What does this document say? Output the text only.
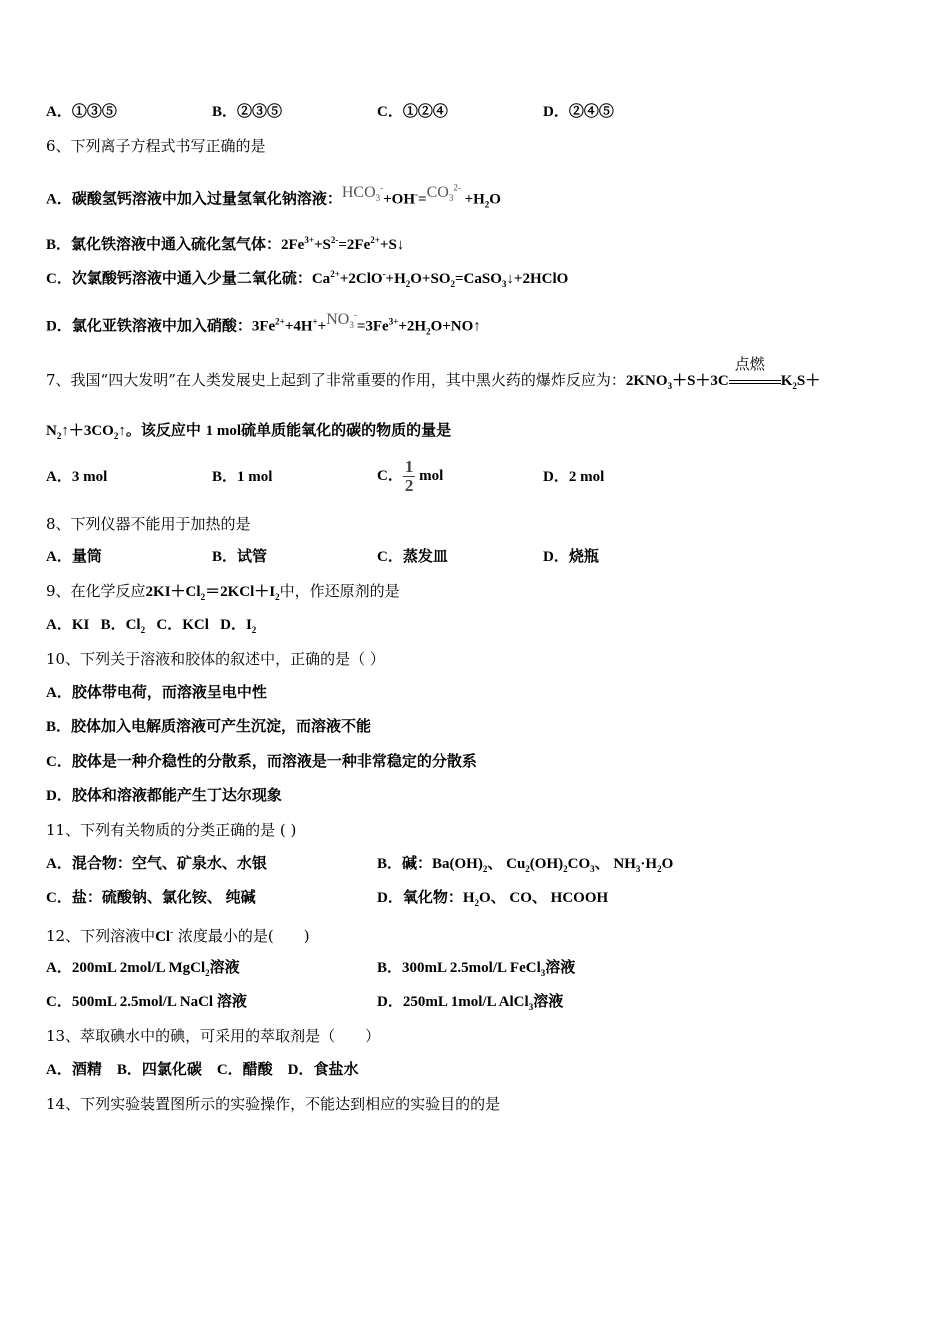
A．①③⑤	B．②③⑤	C．①②④	D．②④⑤
6、下列离子方程式书写正确的是
A．碳酸氢钙溶液中加入过量氢氧化钠溶液：$HCO_3^-+OH^-=CO_3^{2-} +H_2O$
B．氯化铁溶液中通入硫化氢气体：$2Fe^{3+}+S^{2-}=2Fe^{2+}+S↓$
C．次氯酸钙溶液中通入少量二氧化硫：$Ca^{2+}+2ClO^-+H_2O+SO_2=CaSO_3↓+2HClO$
D．氯化亚铁溶液中加入硝酸：$3Fe^{2+}+4H^++NO_3^-=3Fe^{3+}+2H_2O+NO↑$
7、我国“四大发明”在人类发展史上起到了非常重要的作用，其中黑火药的爆炸反应为：$2KNO_3+S+3C$
点燃
$K_2S+$
$N_2↑+3CO_2↑$。该反应中 1 mol硫单质能氧化的碳的物质的量是
A．3 mol	B．1 mol	C． $\frac{1}{2}$ mol	D．2 mol
8、下列仪器不能用于加热的是
A．量筒	B．试管	C．蒸发皿	D．烧瓶
9、在化学反应$2KI+Cl_2=2KCl+I_2$中，作还原剂的是
A．KI B．$Cl_2$ C．KCl D．$I_2$
10、下列关于溶液和胶体的叙述中，正确的是（ ）
A．胶体带电荷，而溶液呈电中性
B．胶体加入电解质溶液可产生沉淀，而溶液不能
C．胶体是一种介稳性的分散系，而溶液是一种非常稳定的分散系
D．胶体和溶液都能产生丁达尔现象
11、下列有关物质的分类正确的是 ( )
A．混合物：空气、矿泉水、水银	B．碱：$Ba(OH)_2$、 $Cu_2(OH)_2CO_3$、 $NH_3\cdot H_2O$
C．盐：硫酸钠、氯化铵、 纯碱	D．氧化物：$H_2O$、 CO、 HCOOH
12、下列溶液中Cl- 浓度最小的是(　　)
A．200mL 2mol/L MgCl$_2$溶液	B．300mL 2.5mol/L FeCl$_3$溶液
C．500mL 2.5mol/L NaCl 溶液	D．250mL 1mol/L AlCl$_3$溶液
13、萃取碘水中的碘，可采用的萃取剂是（　　）
A．酒精　B．四氯化碳　C．醋酸　D．食盐水
14、下列实验装置图所示的实验操作，不能达到相应的实验目的的是
